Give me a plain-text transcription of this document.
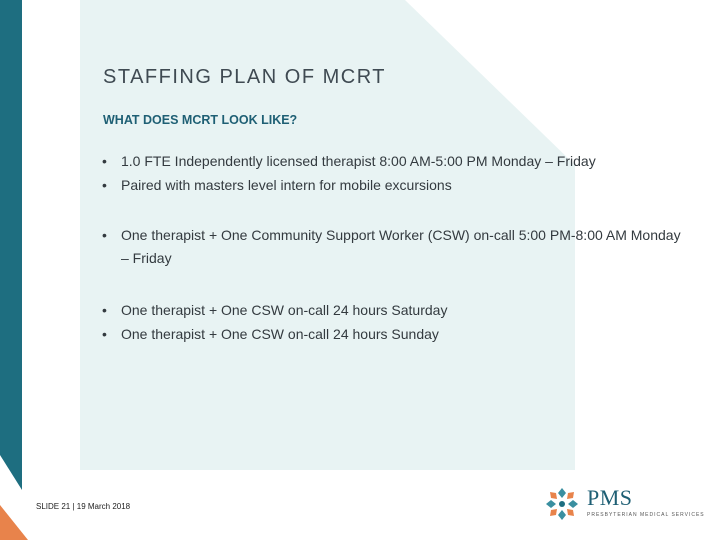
STAFFING PLAN OF MCRT
WHAT DOES MCRT LOOK LIKE?
•	1.0 FTE Independently licensed therapist 8:00 AM-5:00 PM Monday – Friday
•	Paired with masters level intern for mobile excursions
•	One therapist + One Community Support Worker (CSW) on-call 5:00 PM-8:00 AM Monday – Friday
•	One therapist + One CSW on-call 24 hours Saturday
•	One therapist + One CSW on-call 24 hours Sunday
SLIDE 21 | 19 March 2018	PMS
PRESBYTERIAN MEDICAL SERVICES
